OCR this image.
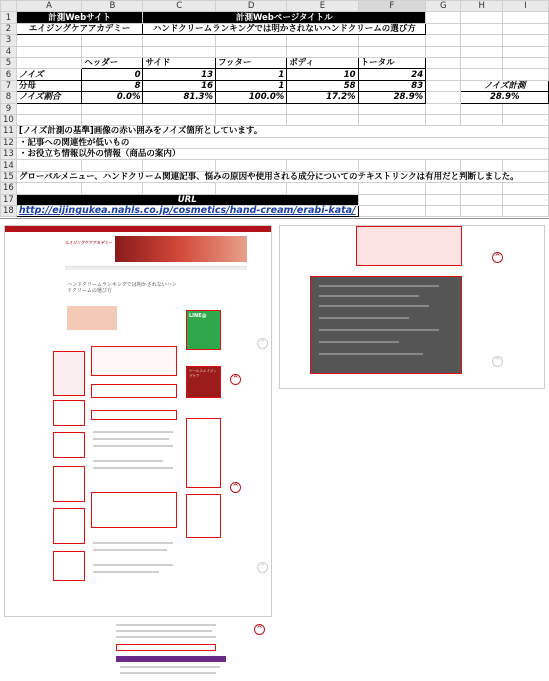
	A	B	C	D	E	F	G	H	I
1	計測Webサイト		計測Webページタイトル						
2	エイジングケアアカデミー		ハンドクリームランキングでは明かされないハンドクリームの選び方						
3									
4									
5		ヘッダー	サイド	フッター	ボディ	トータル			
6	ノイズ	0	13	1	10	24			
7	分母	8	16	1	58	83		ノイズ計測	
8	ノイズ割合	0.0%	81.3%	100.0%	17.2%	28.9%		28.9%	
9									
10									
11	[ノイズ計測の基準]画像の赤い囲みをノイズ箇所としています。								
12	・記事への関連性が低いもの								
13	・お役立ち情報以外の情報（商品の案内）								
14									
15	グローバルメニュー、ハンドクリーム関連記事、悩みの原因や使用される成分についてのテキストリンクは有用だと判断しました。								
16									
17	URL								
18	http://eijingukea.nahls.co.jp/cosmetics/hand-cream/erabi-kata/								
エイジングケアアカデミー
ハンドクリームランキングでは明かされないハンドクリームの選び方
LINE@
ナールスエイジングケア
^
^
^
^
^
^
^
